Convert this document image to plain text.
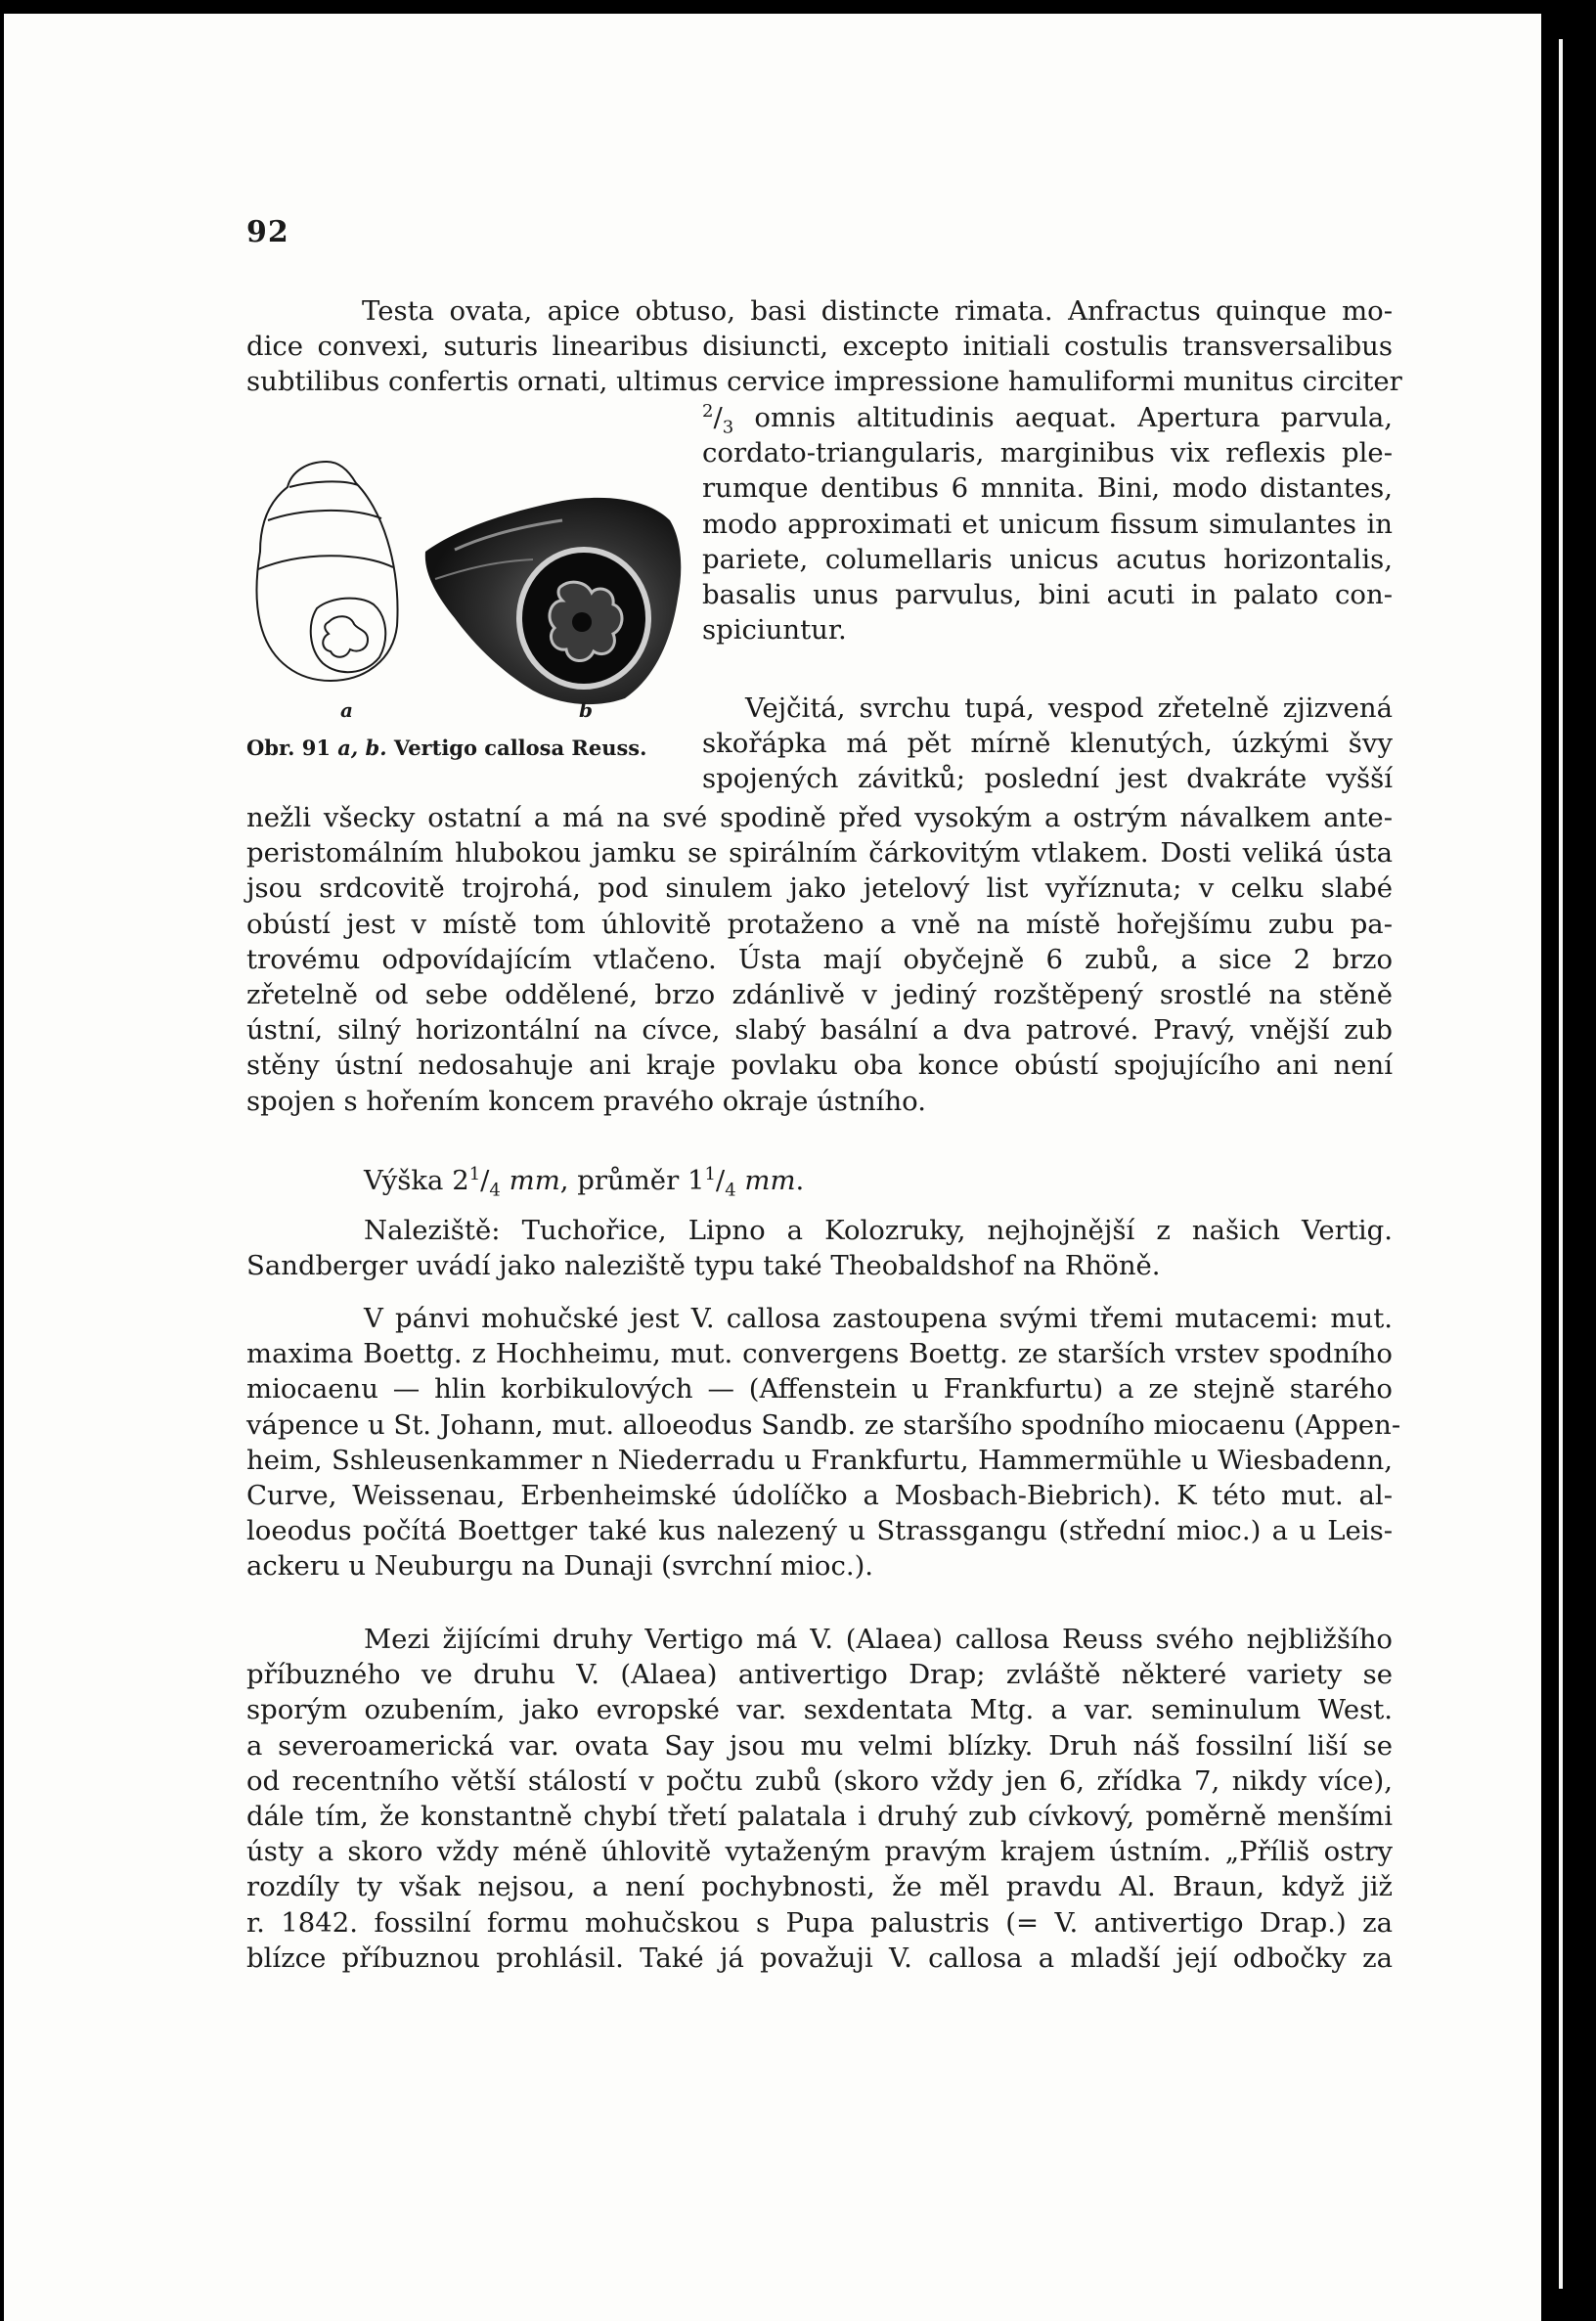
92
Testa ovata, apice obtuso, basi distincte rimata. Anfractus quinque mo-
dice convexi, suturis linearibus disiuncti, excepto initiali costulis transversalibus
subtilibus confertis ornati, ultimus cervice impressione hamuliformi munitus circiter
$^2/_3$ omnis altitudinis aequat. Apertura parvula,
cordato-triangularis, marginibus vix reflexis ple-
rumque dentibus 6 mnnita. Bini, modo distantes,
modo approximati et unicum fissum simulantes in
pariete, columellaris unicus acutus horizontalis,
basalis unus parvulus, bini acuti in palato con-
spiciuntur.
a	b
Obr. 91 a, b. Vertigo callosa Reuss.
Vejčitá, svrchu tupá, vespod zřetelně zjizvená
skořápka má pět mírně klenutých, úzkými švy
spojených závitků; poslední jest dvakráte vyšší
nežli všecky ostatní a má na své spodině před vysokým a ostrým návalkem ante-
peristomálním hlubokou jamku se spirálním čárkovitým vtlakem. Dosti veliká ústa
jsou srdcovitě trojrohá, pod sinulem jako jetelový list vyříznuta; v celku slabé
obústí jest v místě tom úhlovitě protaženo a vně na místě hořejšímu zubu pa-
trovému odpovídajícím vtlačeno. Ústa mají obyčejně 6 zubů, a sice 2 brzo
zřetelně od sebe oddělené, brzo zdánlivě v jediný rozštěpený srostlé na stěně
ústní, silný horizontální na cívce, slabý basální a dva patrové. Pravý, vnější zub
stěny ústní nedosahuje ani kraje povlaku oba konce obústí spojujícího ani není
spojen s hořením koncem pravého okraje ústního.
Výška $2^1/_4$ mm, průměr $1^1/_4$ mm.
Naleziště: Tuchořice, Lipno a Kolozruky, nejhojnější z našich Vertig.
Sandberger uvádí jako naleziště typu také Theobaldshof na Rhöně.
V pánvi mohučské jest V. callosa zastoupena svými třemi mutacemi: mut.
maxima Boettg. z Hochheimu, mut. convergens Boettg. ze starších vrstev spodního
miocaenu — hlin korbikulových — (Affenstein u Frankfurtu) a ze stejně starého
vápence u St. Johann, mut. alloeodus Sandb. ze staršího spodního miocaenu (Appen-
heim, Sshleusenkammer n Niederradu u Frankfurtu, Hammermühle u Wiesbadenn,
Curve, Weissenau, Erbenheimské údolíčko a Mosbach-Biebrich). K této mut. al-
loeodus počítá Boettger také kus nalezený u Strassgangu (střední mioc.) a u Leis-
ackeru u Neuburgu na Dunaji (svrchní mioc.).
Mezi žijícími druhy Vertigo má V. (Alaea) callosa Reuss svého nejbližšího
příbuzného ve druhu V. (Alaea) antivertigo Drap; zvláště některé variety se
sporým ozubením, jako evropské var. sexdentata Mtg. a var. seminulum West.
a severoamerická var. ovata Say jsou mu velmi blízky. Druh náš fossilní liší se
od recentního větší stálostí v počtu zubů (skoro vždy jen 6, zřídka 7, nikdy více),
dále tím, že konstantně chybí třetí palatala i druhý zub cívkový, poměrně menšími
ústy a skoro vždy méně úhlovitě vytaženým pravým krajem ústním. „Příliš ostry
rozdíly ty však nejsou, a není pochybnosti, že měl pravdu Al. Braun, když již
r. 1842. fossilní formu mohučskou s Pupa palustris (= V. antivertigo Drap.) za
blízce příbuznou prohlásil. Také já považuji V. callosa a mladší její odbočky za
